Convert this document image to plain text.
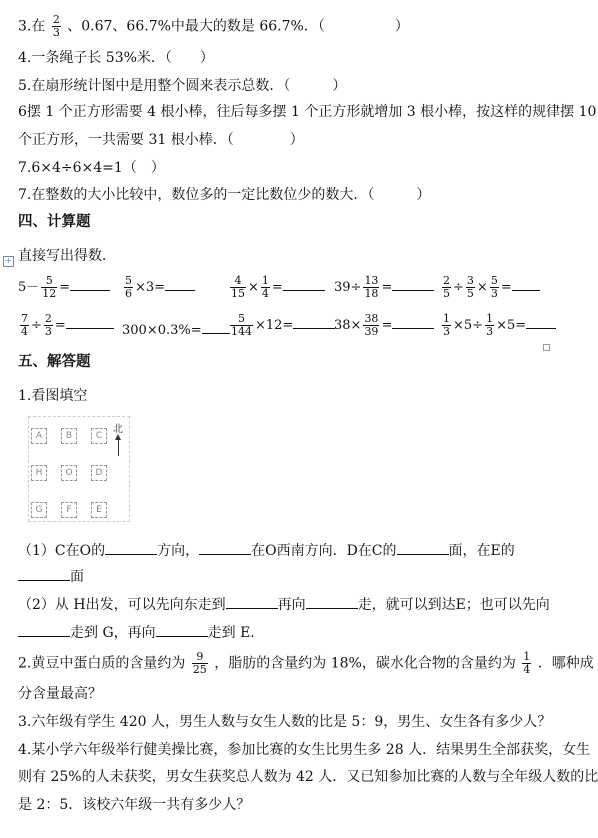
3.在 $\frac{2}{3}$ 、0.67、66.7%中最大的数是 66.7%．（　　　　　）
4.一条绳子长 53%米．（　　）
5.在扇形统计图中是用整个圆来表示总数．（　　　）
6摆 1 个正方形需要 4 根小棒，往后每多摆 1 个正方形就增加 3 根小棒，按这样的规律摆 10
个正方形，一共需要 31 根小棒．（　　　　）
7.6×4÷6×4=1（　）
7.在整数的大小比较中，数位多的一定比数位少的数大．（　　　）
四、计算题
+ 直接写出得数．
$5- \frac{5}{12}$ =	$\frac{5}{6} \times 3=$	$\frac{4}{15} \times \frac{1}{4}$ =	$39\div \frac{13}{18}$ =	$\frac{2}{5} \div \frac{3}{5} \times \frac{5}{3}$ =
$\frac{7}{4} \div \frac{2}{3}$ =	300×0.3%=	$\frac{5}{144} \times 12=$	$38\times \frac{38}{39}$ =	$\frac{1}{3} \times 5\div \frac{1}{3} \times 5=$
五、解答题
1.看图填空
A	B	C
H	O	D
G	F	E
北
（1）C在O的	方向，	在O西南方向．D在C的	面，在E的
面
（2）从 H出发，可以先向东走到	再向	走，就可以到达E；也可以先向
走到 G，再向	走到 E．
2.黄豆中蛋白质的含量约为 $\frac{9}{25}$ ，脂肪的含量约为 18%，碳水化合物的含量约为 $\frac{1}{4}$ ．哪种成
分含量最高？
3.六年级有学生 420 人，男生人数与女生人数的比是 5：9，男生、女生各有多少人？
4.某小学六年级举行健美操比赛，参加比赛的女生比男生多 28 人．结果男生全部获奖，女生
则有 25%的人未获奖，男女生获奖总人数为 42 人．又已知参加比赛的人数与全年级人数的比
是 2：5．该校六年级一共有多少人？
